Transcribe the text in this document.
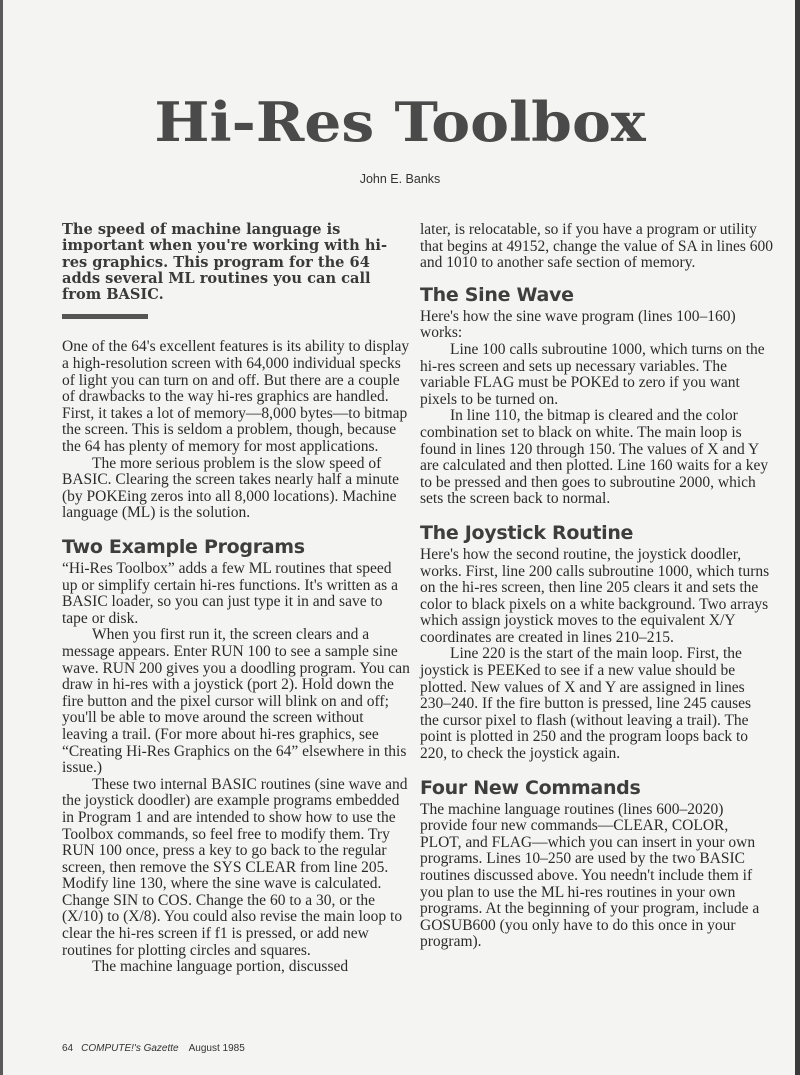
Hi-Res Toolbox
John E. Banks

The speed of machine language is important when you're working with hi-res graphics. This program for the 64 adds several ML routines you can call from BASIC.

One of the 64's excellent features is its ability to display a high-resolution screen with 64,000 individual specks of light you can turn on and off. But there are a couple of drawbacks to the way hi-res graphics are handled. First, it takes a lot of memory—8,000 bytes—to bitmap the screen. This is seldom a problem, though, because the 64 has plenty of memory for most applications.

The more serious problem is the slow speed of BASIC. Clearing the screen takes nearly half a minute (by POKEing zeros into all 8,000 locations). Machine language (ML) is the solution.

Two Example Programs

“Hi-Res Toolbox” adds a few ML routines that speed up or simplify certain hi-res functions. It's written as a BASIC loader, so you can just type it in and save to tape or disk.

When you first run it, the screen clears and a message appears. Enter RUN 100 to see a sample sine wave. RUN 200 gives you a doodling program. You can draw in hi-res with a joystick (port 2). Hold down the fire button and the pixel cursor will blink on and off; you'll be able to move around the screen without leaving a trail. (For more about hi-res graphics, see “Creating Hi-Res Graphics on the 64” elsewhere in this issue.)

These two internal BASIC routines (sine wave and the joystick doodler) are example programs embedded in Program 1 and are intended to show how to use the Toolbox commands, so feel free to modify them. Try RUN 100 once, press a key to go back to the regular screen, then remove the SYS CLEAR from line 205. Modify line 130, where the sine wave is calculated. Change SIN to COS. Change the 60 to a 30, or the (X/10) to (X/8). You could also revise the main loop to clear the hi-res screen if f1 is pressed, or add new routines for plotting circles and squares.

The machine language portion, discussed

later, is relocatable, so if you have a program or utility that begins at 49152, change the value of SA in lines 600 and 1010 to another safe section of memory.

The Sine Wave

Here's how the sine wave program (lines 100–160) works:

Line 100 calls subroutine 1000, which turns on the hi-res screen and sets up necessary variables. The variable FLAG must be POKEd to zero if you want pixels to be turned on.

In line 110, the bitmap is cleared and the color combination set to black on white. The main loop is found in lines 120 through 150. The values of X and Y are calculated and then plotted. Line 160 waits for a key to be pressed and then goes to subroutine 2000, which sets the screen back to normal.

The Joystick Routine

Here's how the second routine, the joystick doodler, works. First, line 200 calls subroutine 1000, which turns on the hi-res screen, then line 205 clears it and sets the color to black pixels on a white background. Two arrays which assign joystick moves to the equivalent X/Y coordinates are created in lines 210–215.

Line 220 is the start of the main loop. First, the joystick is PEEKed to see if a new value should be plotted. New values of X and Y are assigned in lines 230–240. If the fire button is pressed, line 245 causes the cursor pixel to flash (without leaving a trail). The point is plotted in 250 and the program loops back to 220, to check the joystick again.

Four New Commands

The machine language routines (lines 600–2020) provide four new commands—CLEAR, COLOR, PLOT, and FLAG—which you can insert in your own programs. Lines 10–250 are used by the two BASIC routines discussed above. You needn't include them if you plan to use the ML hi-res routines in your own programs. At the beginning of your program, include a GOSUB600 (you only have to do this once in your program).

64 COMPUTE!'s Gazette August 1985
